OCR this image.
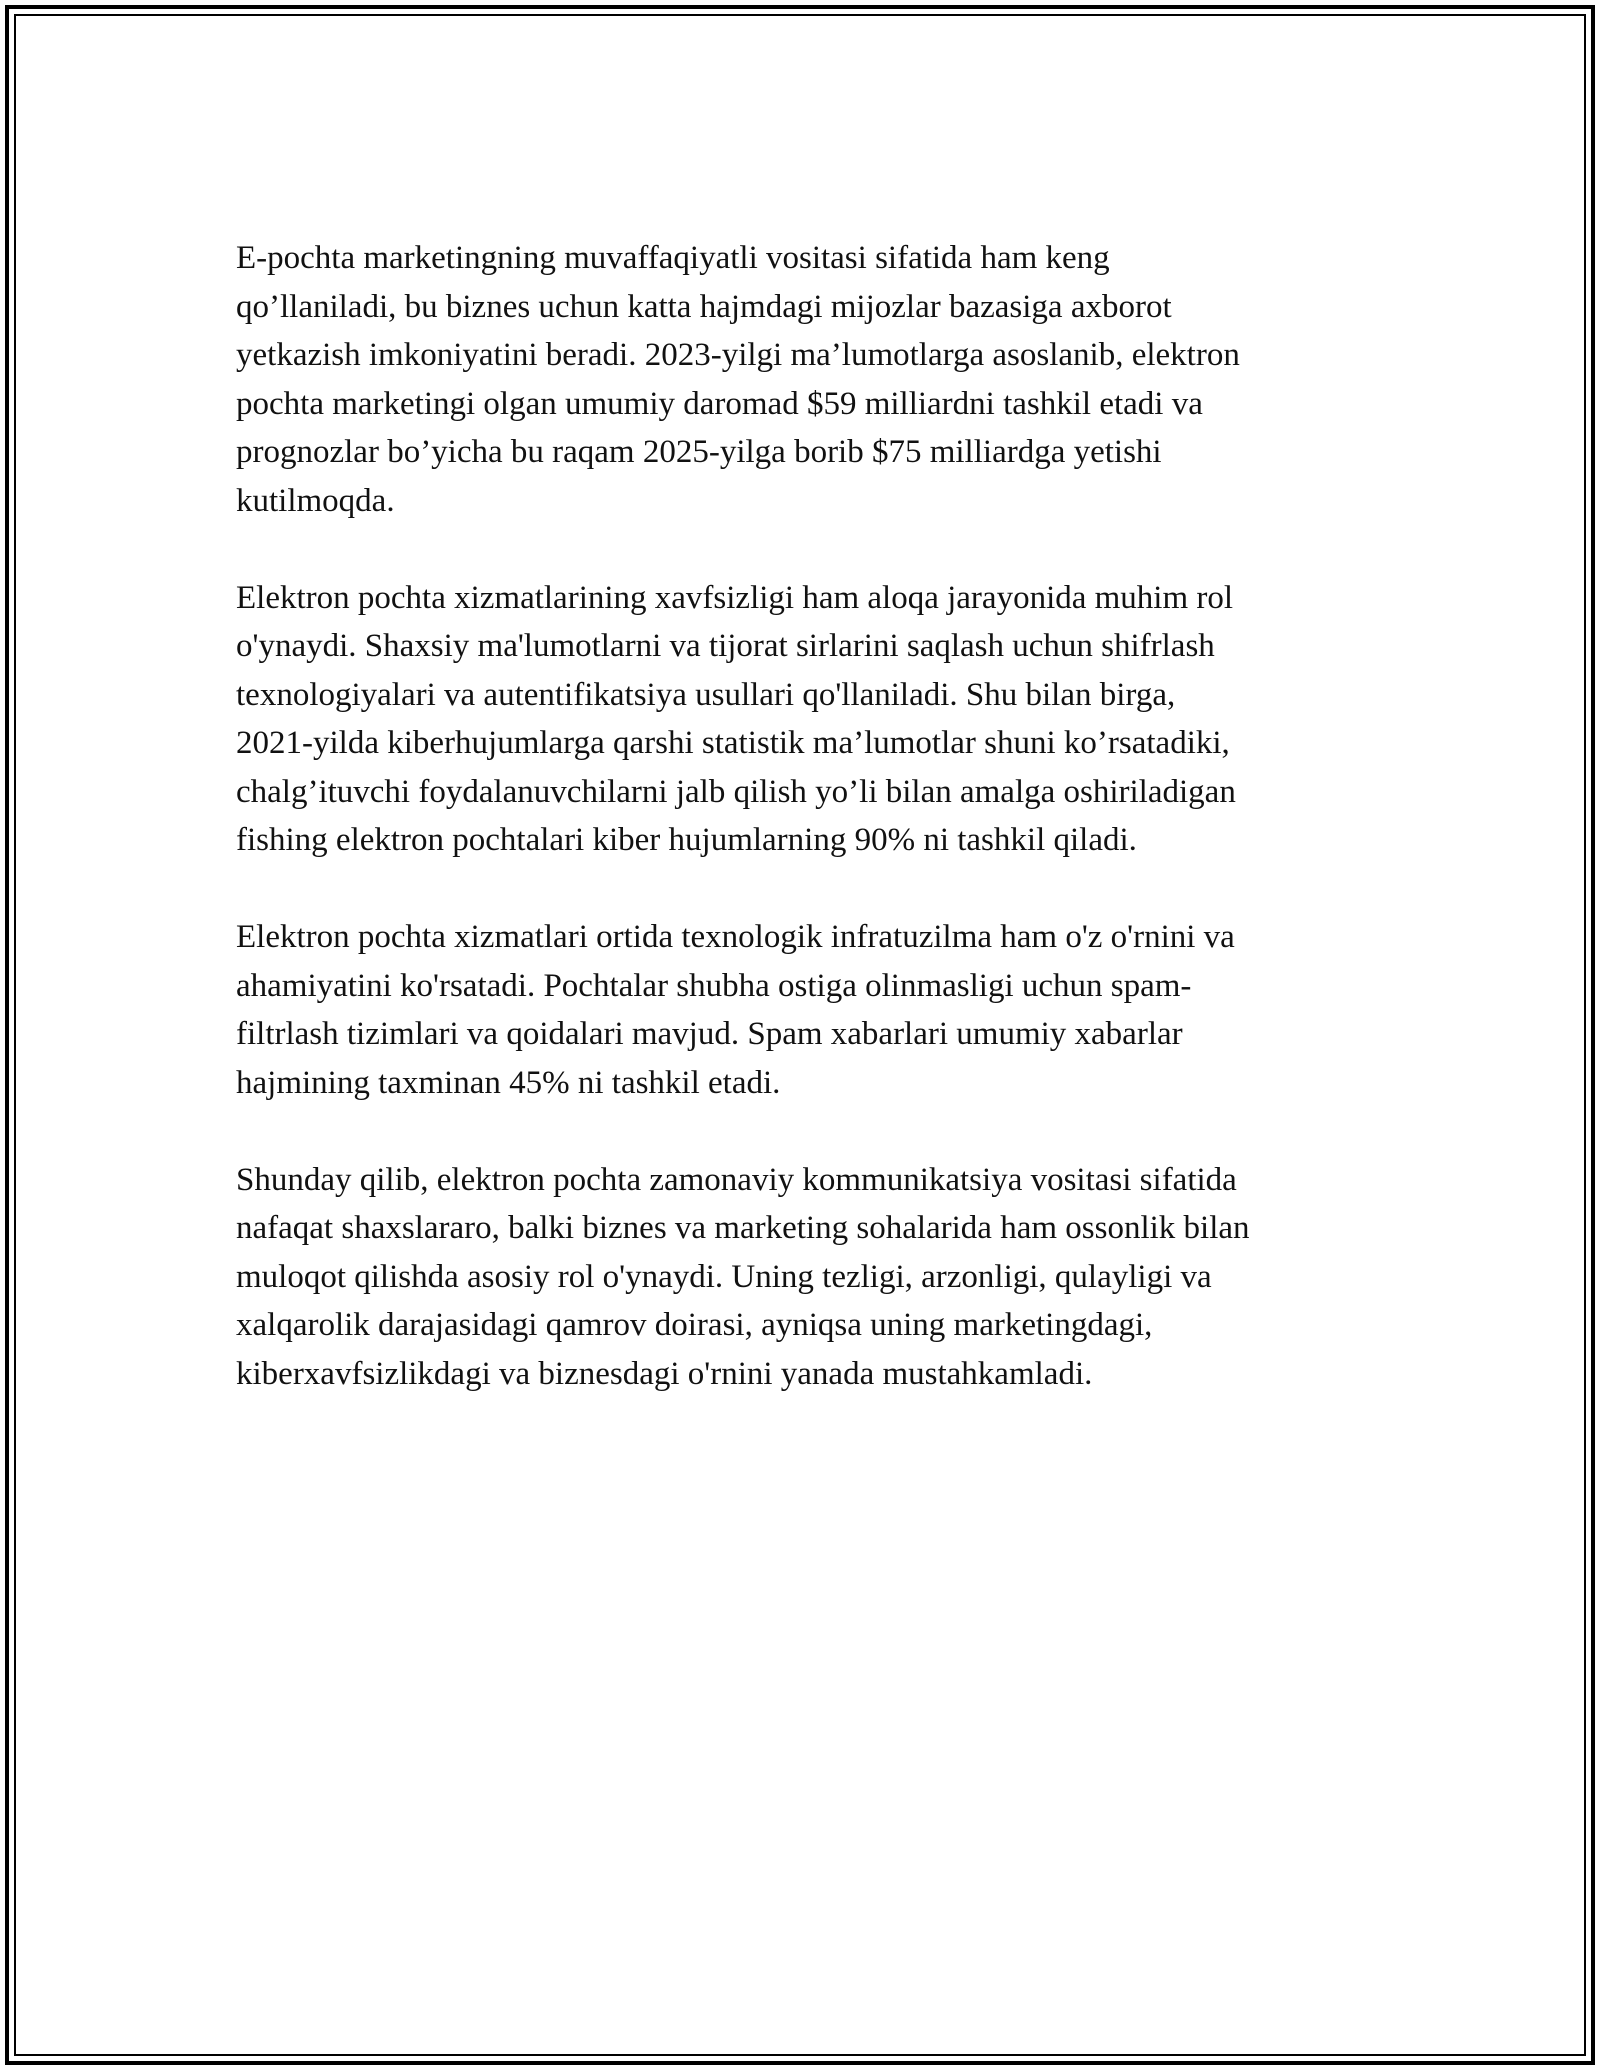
E-pochta marketingning muvaffaqiyatli vositasi sifatida ham keng
qo’llaniladi, bu biznes uchun katta hajmdagi mijozlar bazasiga axborot
yetkazish imkoniyatini beradi. 2023-yilgi ma’lumotlarga asoslanib, elektron
pochta marketingi olgan umumiy daromad $59 milliardni tashkil etadi va
prognozlar bo’yicha bu raqam 2025-yilga borib $75 milliardga yetishi
kutilmoqda.

Elektron pochta xizmatlarining xavfsizligi ham aloqa jarayonida muhim rol
o'ynaydi. Shaxsiy ma'lumotlarni va tijorat sirlarini saqlash uchun shifrlash
texnologiyalari va autentifikatsiya usullari qo'llaniladi. Shu bilan birga,
2021-yilda kiberhujumlarga qarshi statistik ma’lumotlar shuni ko’rsatadiki,
chalg’ituvchi foydalanuvchilarni jalb qilish yo’li bilan amalga oshiriladigan
fishing elektron pochtalari kiber hujumlarning 90% ni tashkil qiladi.

Elektron pochta xizmatlari ortida texnologik infratuzilma ham o'z o'rnini va
ahamiyatini ko'rsatadi. Pochtalar shubha ostiga olinmasligi uchun spam-
filtrlash tizimlari va qoidalari mavjud. Spam xabarlari umumiy xabarlar
hajmining taxminan 45% ni tashkil etadi.

Shunday qilib, elektron pochta zamonaviy kommunikatsiya vositasi sifatida
nafaqat shaxslararo, balki biznes va marketing sohalarida ham ossonlik bilan
muloqot qilishda asosiy rol o'ynaydi. Uning tezligi, arzonligi, qulayligi va
xalqarolik darajasidagi qamrov doirasi, ayniqsa uning marketingdagi,
kiberxavfsizlikdagi va biznesdagi o'rnini yanada mustahkamladi.
